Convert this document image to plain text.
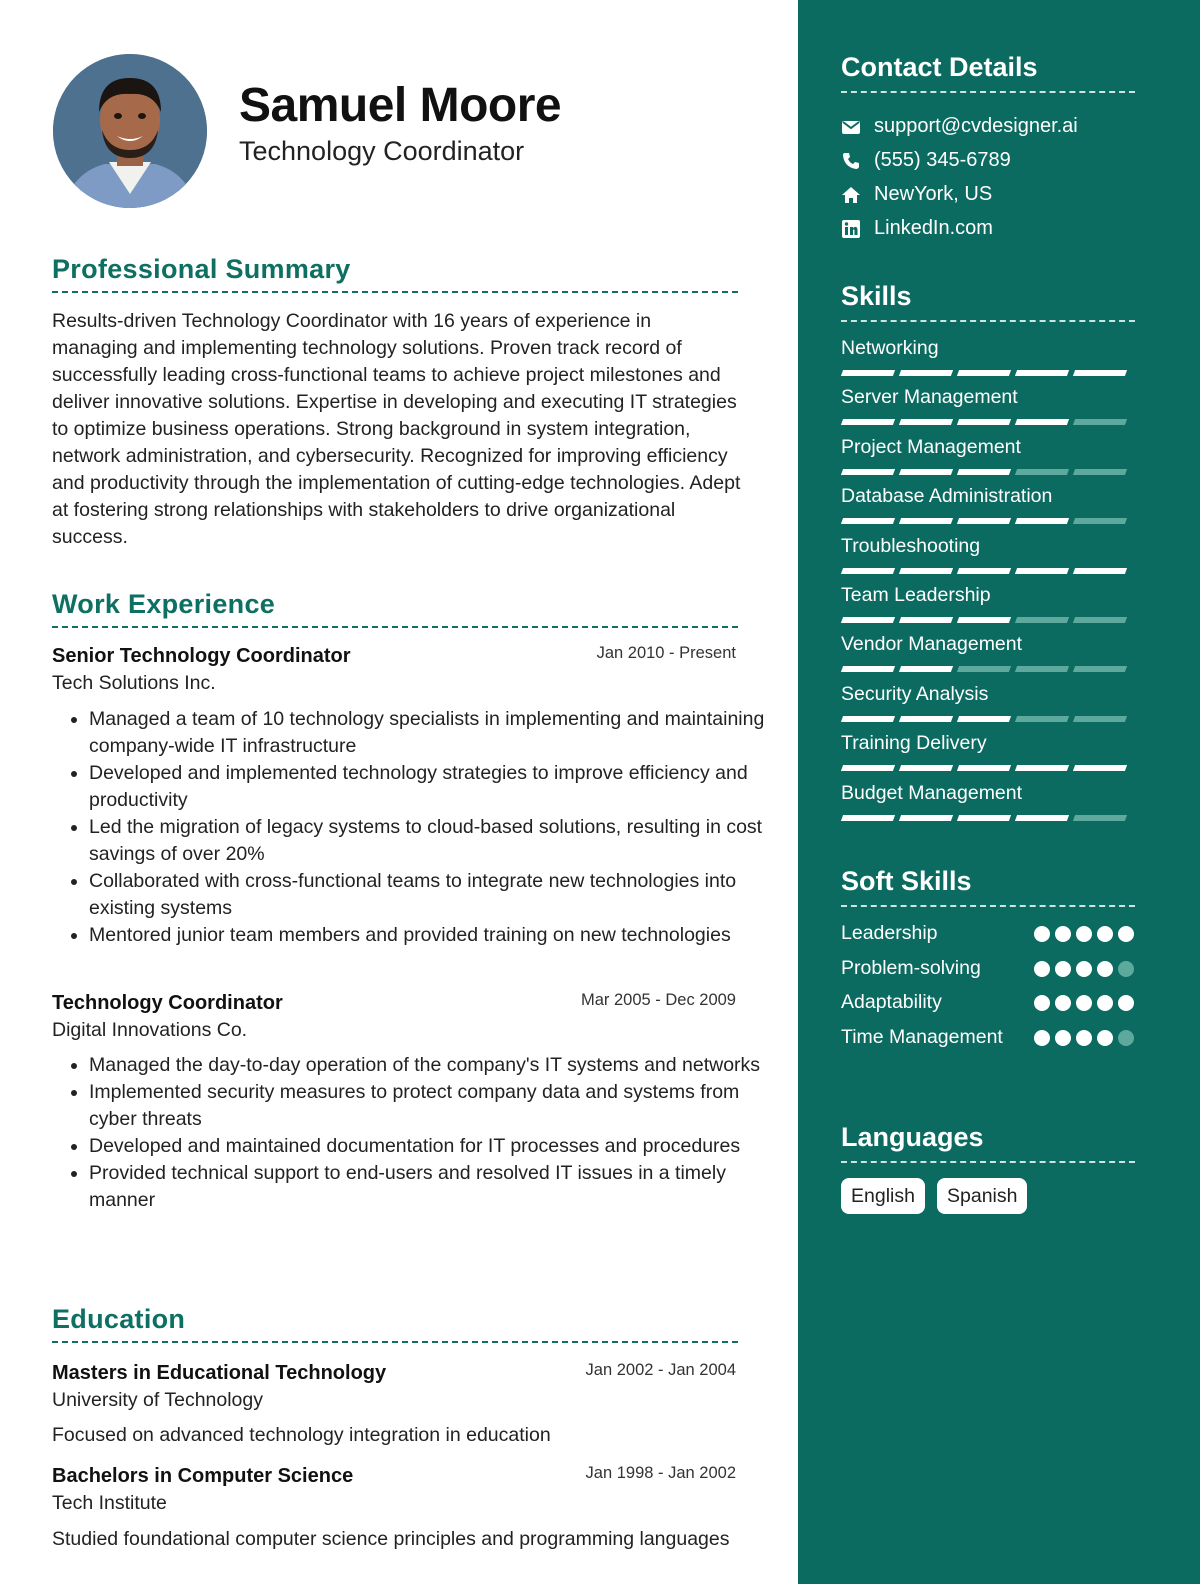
Samuel Moore
Technology Coordinator
Professional Summary
Results-driven Technology Coordinator with 16 years of experience in managing and implementing technology solutions. Proven track record of successfully leading cross-functional teams to achieve project milestones and deliver innovative solutions. Expertise in developing and executing IT strategies to optimize business operations. Strong background in system integration, network administration, and cybersecurity. Recognized for improving efficiency and productivity through the implementation of cutting-edge technologies. Adept at fostering strong relationships with stakeholders to drive organizational success.
Work Experience
Senior Technology Coordinator	Jan 2010 - Present
Tech Solutions Inc.
• Managed a team of 10 technology specialists in implementing and maintaining company-wide IT infrastructure
• Developed and implemented technology strategies to improve efficiency and productivity
• Led the migration of legacy systems to cloud-based solutions, resulting in cost savings of over 20%
• Collaborated with cross-functional teams to integrate new technologies into existing systems
• Mentored junior team members and provided training on new technologies
Technology Coordinator	Mar 2005 - Dec 2009
Digital Innovations Co.
• Managed the day-to-day operation of the company's IT systems and networks
• Implemented security measures to protect company data and systems from cyber threats
• Developed and maintained documentation for IT processes and procedures
• Provided technical support to end-users and resolved IT issues in a timely manner
Education
Masters in Educational Technology	Jan 2002 - Jan 2004
University of Technology
Focused on advanced technology integration in education
Bachelors in Computer Science	Jan 1998 - Jan 2002
Tech Institute
Studied foundational computer science principles and programming languages
Contact Details
support@cvdesigner.ai
(555) 345-6789
NewYork, US
LinkedIn.com
Skills
Networking
Server Management
Project Management
Database Administration
Troubleshooting
Team Leadership
Vendor Management
Security Analysis
Training Delivery
Budget Management
Soft Skills
Leadership
Problem-solving
Adaptability
Time Management
Languages
English	Spanish
